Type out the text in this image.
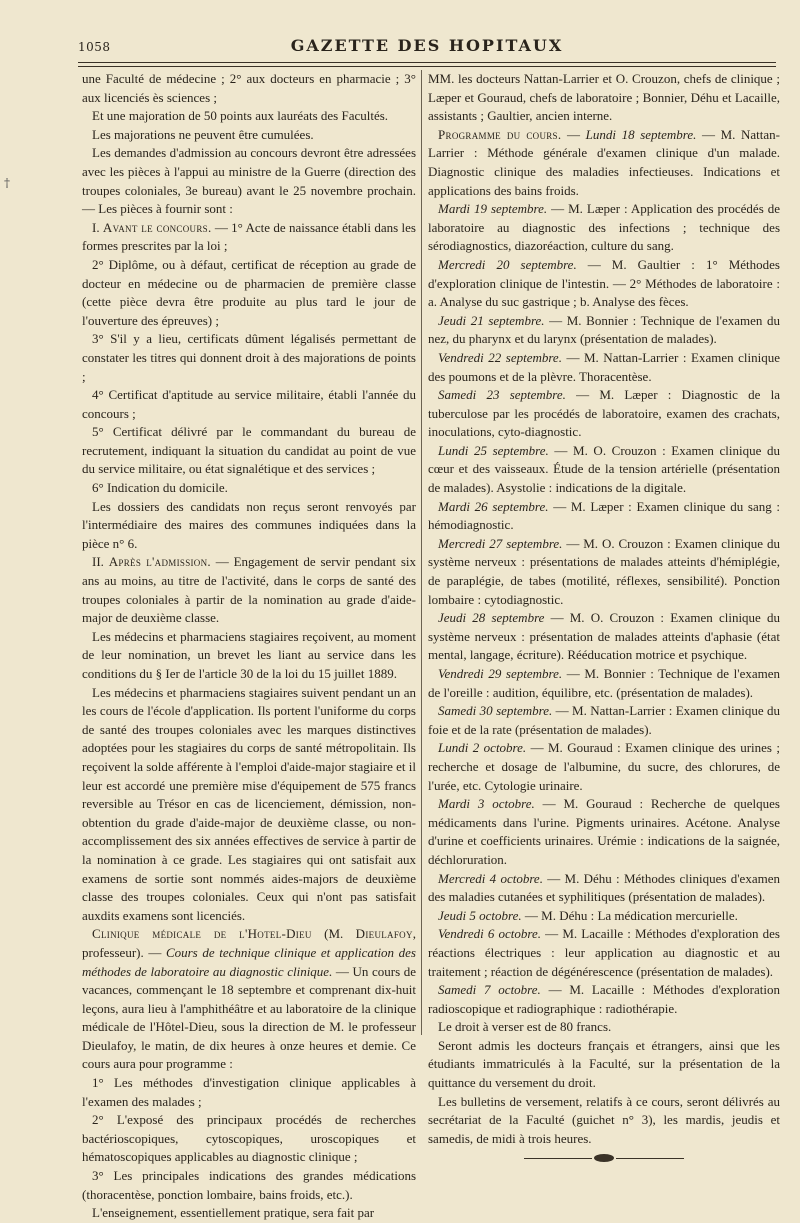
1058	GAZETTE DES HOPITAUX
†

une Faculté de médecine ; 2° aux docteurs en pharmacie ; 3° aux licenciés ès sciences ;

Et une majoration de 50 points aux lauréats des Facultés.

Les majorations ne peuvent être cumulées.

Les demandes d'admission au concours devront être adressées avec les pièces à l'appui au ministre de la Guerre (direction des troupes coloniales, 3e bureau) avant le 25 novembre prochain. — Les pièces à fournir sont :

I. Avant le concours. — 1° Acte de naissance établi dans les formes prescrites par la loi ;

2° Diplôme, ou à défaut, certificat de réception au grade de docteur en médecine ou de pharmacien de première classe (cette pièce devra être produite au plus tard le jour de l'ouverture des épreuves) ;

3° S'il y a lieu, certificats dûment légalisés permettant de constater les titres qui donnent droit à des majorations de points ;

4° Certificat d'aptitude au service militaire, établi l'année du concours ;

5° Certificat délivré par le commandant du bureau de recrutement, indiquant la situation du candidat au point de vue du service militaire, ou état signalétique et des services ;

6° Indication du domicile.

Les dossiers des candidats non reçus seront renvoyés par l'intermédiaire des maires des communes indiquées dans la pièce n° 6.

II. Après l'admission. — Engagement de servir pendant six ans au moins, au titre de l'activité, dans le corps de santé des troupes coloniales à partir de la nomination au grade d'aide-major de deuxième classe.

Les médecins et pharmaciens stagiaires reçoivent, au moment de leur nomination, un brevet les liant au service dans les conditions du § Ier de l'article 30 de la loi du 15 juillet 1889.

Les médecins et pharmaciens stagiaires suivent pendant un an les cours de l'école d'application. Ils portent l'uniforme du corps de santé des troupes coloniales avec les marques distinctives adoptées pour les stagiaires du corps de santé métropolitain. Ils reçoivent la solde afférente à l'emploi d'aide-major stagiaire et il leur est accordé une première mise d'équipement de 575 francs reversible au Trésor en cas de licenciement, démission, non-obtention du grade d'aide-major de deuxième classe, ou non-accomplissement des six années effectives de service à partir de la nomination à ce grade. Les stagiaires qui ont satisfait aux examens de sortie sont nommés aides-majors de deuxième classe des troupes coloniales. Ceux qui n'ont pas satisfait auxdits examens sont licenciés.

Clinique médicale de l'Hotel-Dieu (M. Dieulafoy, professeur). — Cours de technique clinique et application des méthodes de laboratoire au diagnostic clinique. — Un cours de vacances, commençant le 18 septembre et comprenant dix-huit leçons, aura lieu à l'amphithéâtre et au laboratoire de la clinique médicale de l'Hôtel-Dieu, sous la direction de M. le professeur Dieulafoy, le matin, de dix heures à onze heures et demie. Ce cours aura pour programme :

1° Les méthodes d'investigation clinique applicables à l'examen des malades ;

2° L'exposé des principaux procédés de recherches bactérioscopiques, cytoscopiques, uroscopiques et hématoscopiques applicables au diagnostic clinique ;

3° Les principales indications des grandes médications (thoracentèse, ponction lombaire, bains froids, etc.).

L'enseignement, essentiellement pratique, sera fait par

MM. les docteurs Nattan-Larrier et O. Crouzon, chefs de clinique ; Læper et Gouraud, chefs de laboratoire ; Bonnier, Déhu et Lacaille, assistants ; Gaultier, ancien interne.

Programme du cours. — Lundi 18 septembre. — M. Nattan-Larrier : Méthode générale d'examen clinique d'un malade. Diagnostic clinique des maladies infectieuses. Indications et applications des bains froids.

Mardi 19 septembre. — M. Læper : Application des procédés de laboratoire au diagnostic des infections ; technique des sérodiagnostics, diazoréaction, culture du sang.

Mercredi 20 septembre. — M. Gaultier : 1° Méthodes d'exploration clinique de l'intestin. — 2° Méthodes de laboratoire : a. Analyse du suc gastrique ; b. Analyse des fèces.

Jeudi 21 septembre. — M. Bonnier : Technique de l'examen du nez, du pharynx et du larynx (présentation de malades).

Vendredi 22 septembre. — M. Nattan-Larrier : Examen clinique des poumons et de la plèvre. Thoracentèse.

Samedi 23 septembre. — M. Læper : Diagnostic de la tuberculose par les procédés de laboratoire, examen des crachats, inoculations, cyto-diagnostic.

Lundi 25 septembre. — M. O. Crouzon : Examen clinique du cœur et des vaisseaux. Étude de la tension artérielle (présentation de malades). Asystolie : indications de la digitale.

Mardi 26 septembre. — M. Læper : Examen clinique du sang : hémodiagnostic.

Mercredi 27 septembre. — M. O. Crouzon : Examen clinique du système nerveux : présentations de malades atteints d'hémiplégie, de paraplégie, de tabes (motilité, réflexes, sensibilité). Ponction lombaire : cytodiagnostic.

Jeudi 28 septembre — M. O. Crouzon : Examen clinique du système nerveux : présentation de malades atteints d'aphasie (état mental, langage, écriture). Rééducation motrice et psychique.

Vendredi 29 septembre. — M. Bonnier : Technique de l'examen de l'oreille : audition, équilibre, etc. (présentation de malades).

Samedi 30 septembre. — M. Nattan-Larrier : Examen clinique du foie et de la rate (présentation de malades).

Lundi 2 octobre. — M. Gouraud : Examen clinique des urines ; recherche et dosage de l'albumine, du sucre, des chlorures, de l'urée, etc. Cytologie urinaire.

Mardi 3 octobre. — M. Gouraud : Recherche de quelques médicaments dans l'urine. Pigments urinaires. Acétone. Analyse d'urine et coefficients urinaires. Urémie : indications de la saignée, déchloruration.

Mercredi 4 octobre. — M. Déhu : Méthodes cliniques d'examen des maladies cutanées et syphilitiques (présentation de malades).

Jeudi 5 octobre. — M. Déhu : La médication mercurielle.

Vendredi 6 octobre. — M. Lacaille : Méthodes d'exploration des réactions électriques : leur application au diagnostic et au traitement ; réaction de dégénérescence (présentation de malades).

Samedi 7 octobre. — M. Lacaille : Méthodes d'exploration radioscopique et radiographique : radiothérapie.

Le droit à verser est de 80 francs.

Seront admis les docteurs français et étrangers, ainsi que les étudiants immatriculés à la Faculté, sur la présentation de la quittance du versement du droit.

Les bulletins de versement, relatifs à ce cours, seront délivrés au secrétariat de la Faculté (guichet n° 3), les mardis, jeudis et samedis, de midi à trois heures.
